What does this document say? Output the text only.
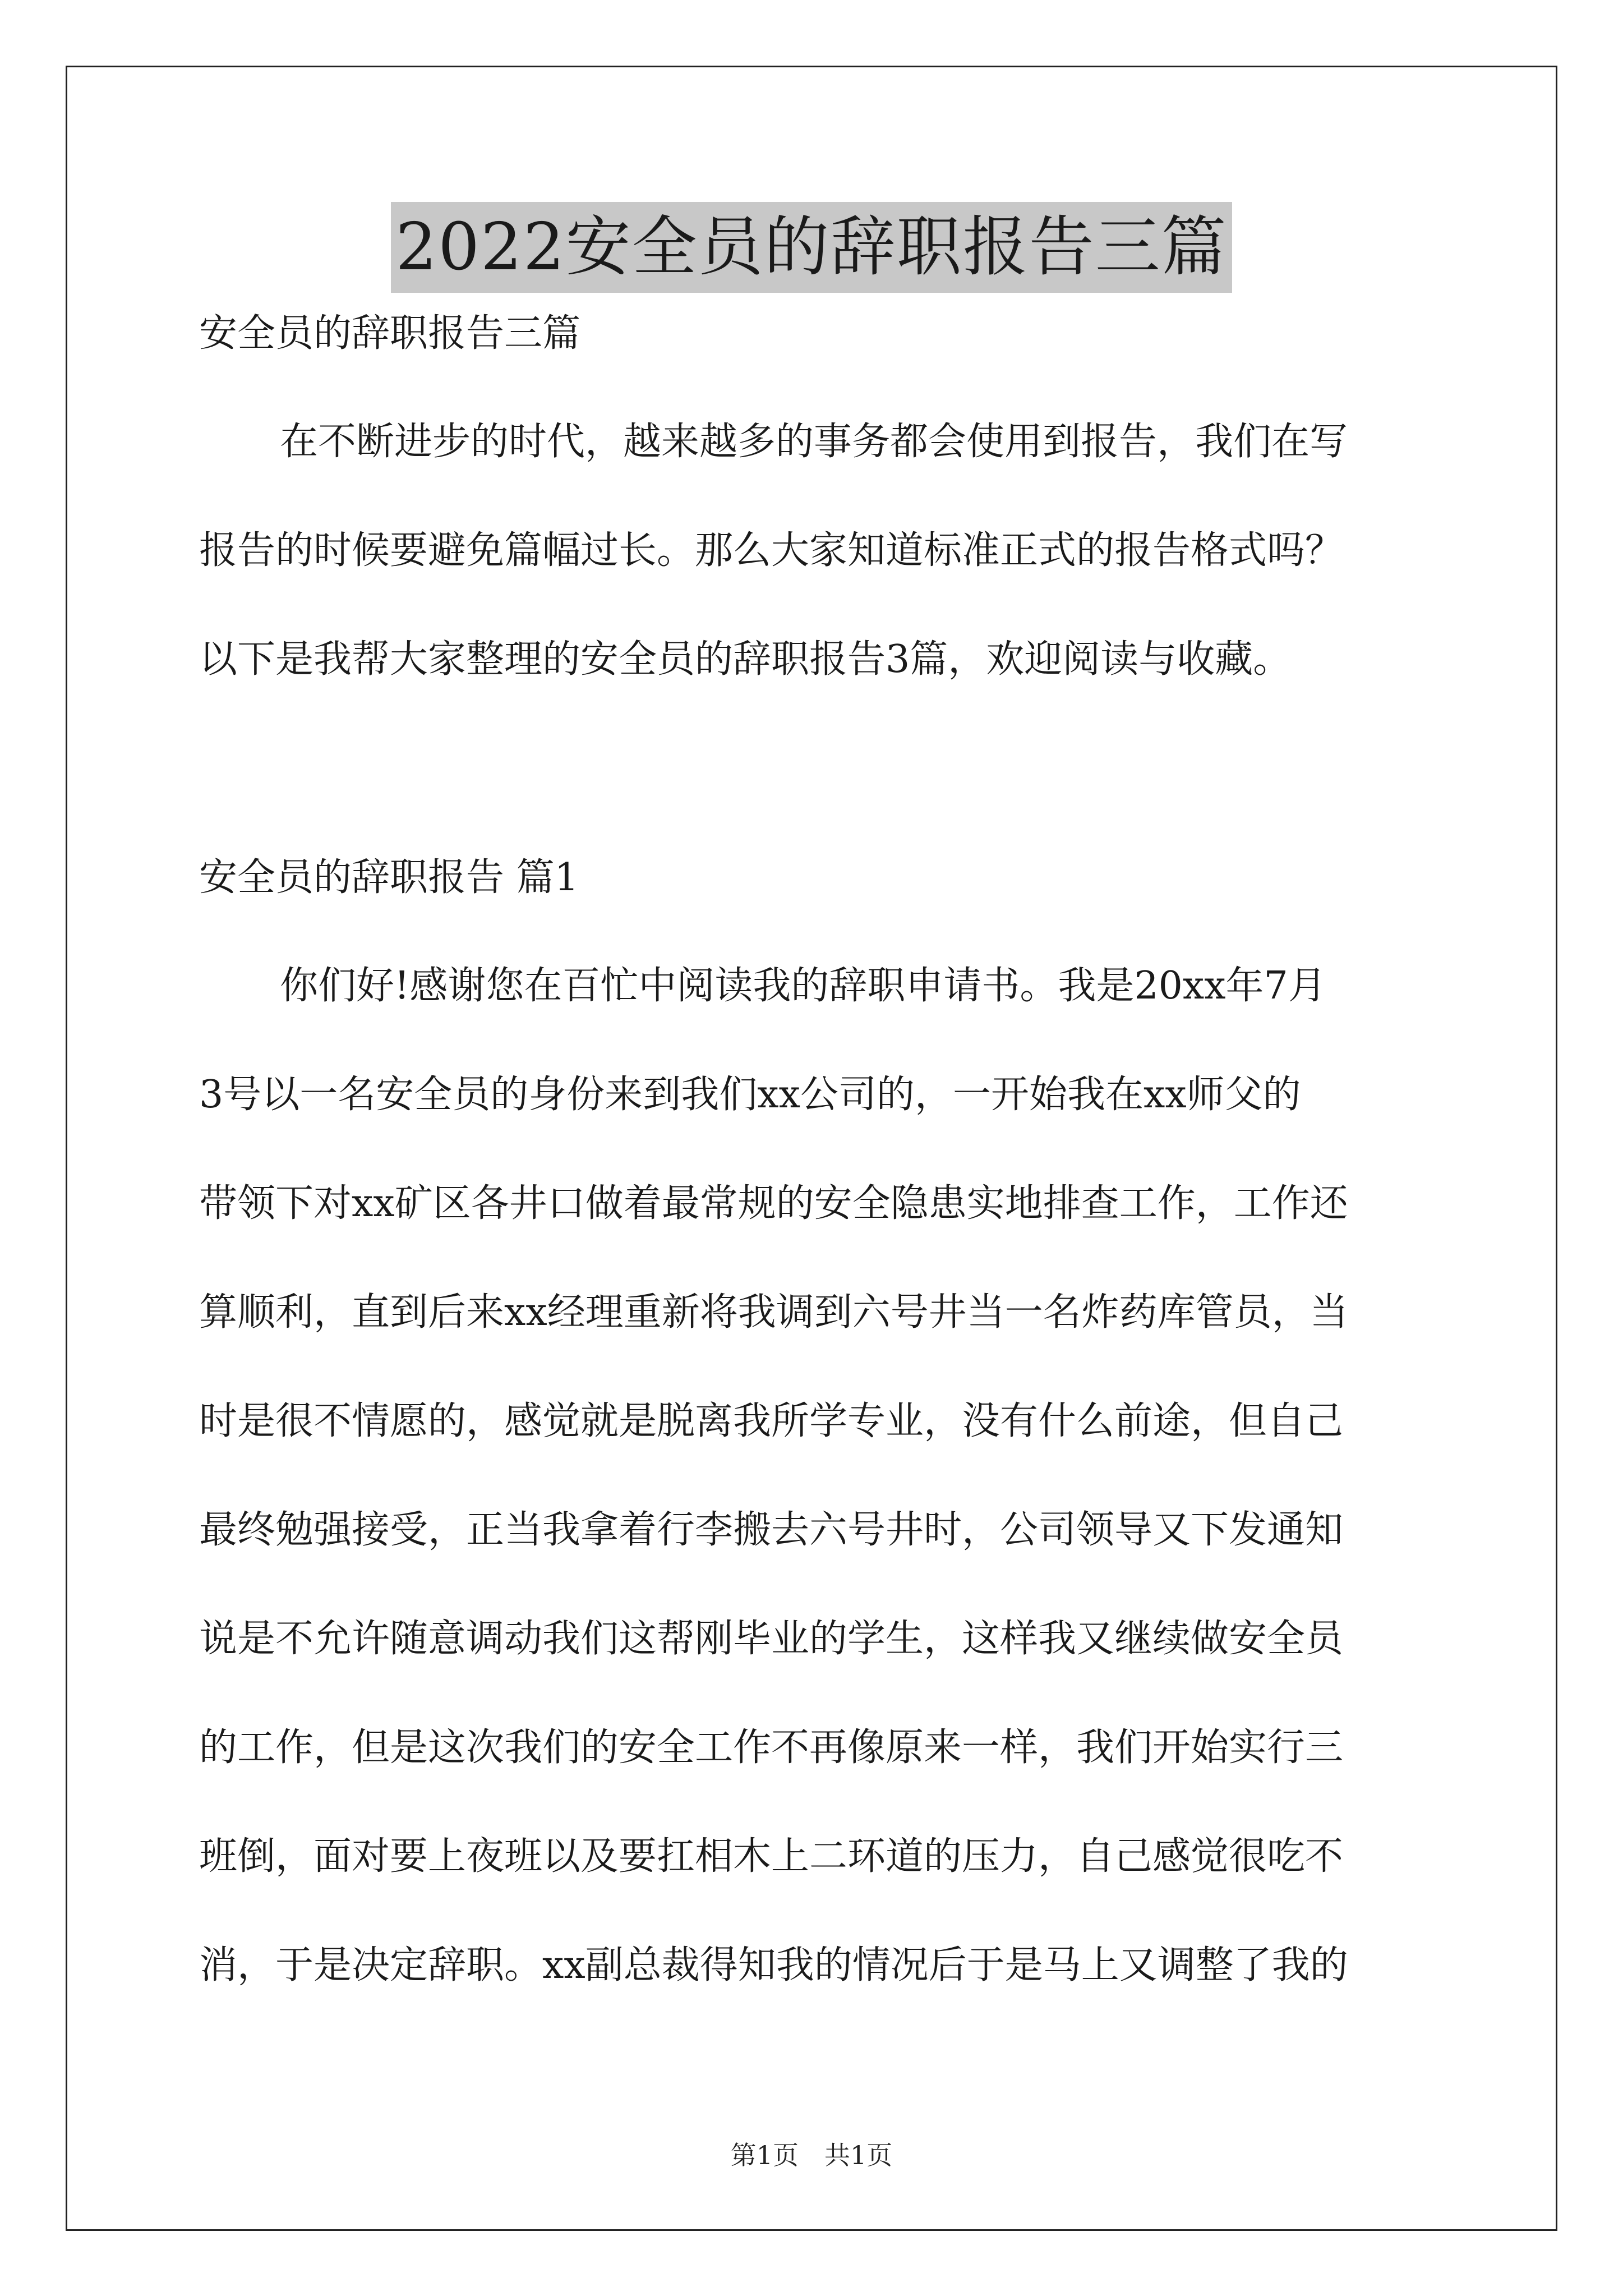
2022安全员的辞职报告三篇
安全员的辞职报告三篇
在不断进步的时代，越来越多的事务都会使用到报告，我们在写
报告的时候要避免篇幅过长。那么大家知道标准正式的报告格式吗？
以下是我帮大家整理的安全员的辞职报告3篇，欢迎阅读与收藏。
安全员的辞职报告 篇1
你们好!感谢您在百忙中阅读我的辞职申请书。我是20xx年7月
3号以一名安全员的身份来到我们xx公司的，一开始我在xx师父的
带领下对xx矿区各井口做着最常规的安全隐患实地排查工作，工作还
算顺利，直到后来xx经理重新将我调到六号井当一名炸药库管员，当
时是很不情愿的，感觉就是脱离我所学专业，没有什么前途，但自己
最终勉强接受，正当我拿着行李搬去六号井时，公司领导又下发通知
说是不允许随意调动我们这帮刚毕业的学生，这样我又继续做安全员
的工作，但是这次我们的安全工作不再像原来一样，我们开始实行三
班倒，面对要上夜班以及要扛相木上二环道的压力，自己感觉很吃不
消，于是决定辞职。xx副总裁得知我的情况后于是马上又调整了我的
第1页　共1页
